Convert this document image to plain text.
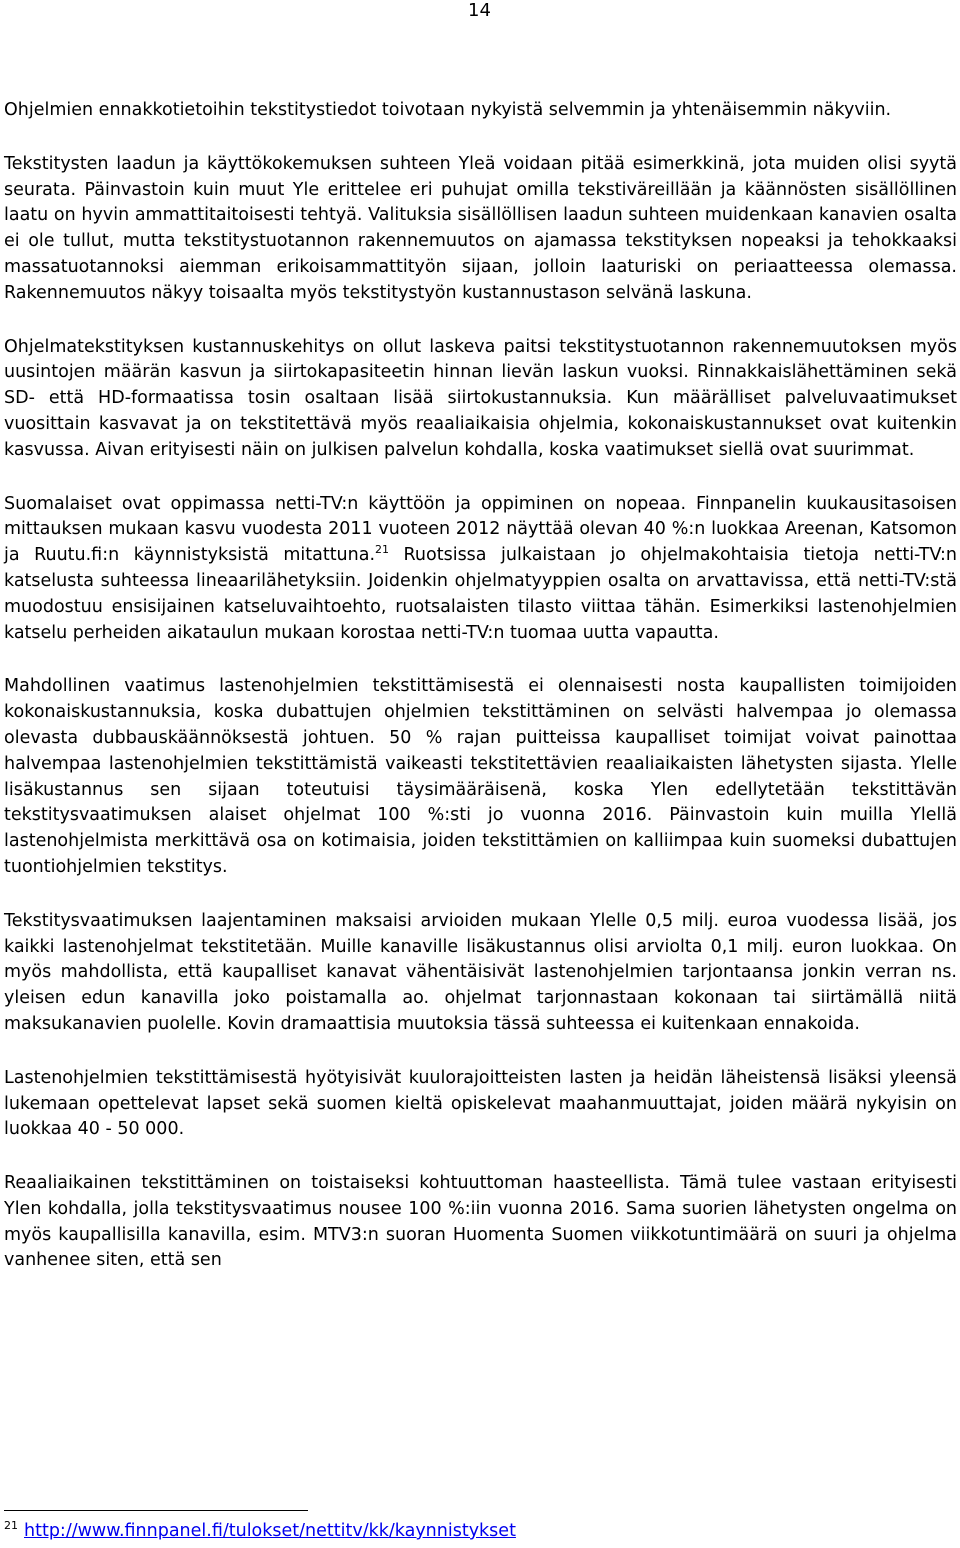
14

Ohjelmien ennakkotietoihin tekstitystiedot toivotaan nykyistä selvemmin ja yhtenäisemmin näkyviin.

Tekstitysten laadun ja käyttökokemuksen suhteen Yleä voidaan pitää esimerkkinä, jota muiden olisi syytä seurata. Päinvastoin kuin muut Yle erittelee eri puhujat omilla tekstiväreillään ja käännösten sisällöllinen laatu on hyvin ammattitaitoisesti tehtyä. Valituksia sisällöllisen laadun suhteen muidenkaan kanavien osalta ei ole tullut, mutta tekstitystuotannon rakennemuutos on ajamassa tekstityksen nopeaksi ja tehokkaaksi massatuotannoksi aiemman erikoisammattityön sijaan, jolloin laaturiski on periaatteessa olemassa. Rakennemuutos näkyy toisaalta myös tekstitystyön kustannustason selvänä laskuna.

Ohjelmatekstityksen kustannuskehitys on ollut laskeva paitsi tekstitystuotannon rakennemuutoksen myös uusintojen määrän kasvun ja siirtokapasiteetin hinnan lievän laskun vuoksi. Rinnakkaislähettäminen sekä SD- että HD-formaatissa tosin osaltaan lisää siirtokustannuksia. Kun määrälliset palveluvaatimukset vuosittain kasvavat ja on tekstitettävä myös reaaliaikaisia ohjelmia, kokonaiskustannukset ovat kuitenkin kasvussa. Aivan erityisesti näin on julkisen palvelun kohdalla, koska vaatimukset siellä ovat suurimmat.

Suomalaiset ovat oppimassa netti-TV:n käyttöön ja oppiminen on nopeaa. Finnpanelin kuukausitasoisen mittauksen mukaan kasvu vuodesta 2011 vuoteen 2012 näyttää olevan 40 %:n luokkaa Areenan, Katsomon ja Ruutu.fi:n käynnistyksistä mitattuna.$^{21}$ Ruotsissa julkaistaan jo ohjelmakohtaisia tietoja netti-TV:n katselusta suhteessa lineaarilähetyksiin. Joidenkin ohjelmatyyppien osalta on arvattavissa, että netti-TV:stä muodostuu ensisijainen katseluvaihtoehto, ruotsalaisten tilasto viittaa tähän. Esimerkiksi lastenohjelmien katselu perheiden aikataulun mukaan korostaa netti-TV:n tuomaa uutta vapautta.

Mahdollinen vaatimus lastenohjelmien tekstittämisestä ei olennaisesti nosta kaupallisten toimijoiden kokonaiskustannuksia, koska dubattujen ohjelmien tekstittäminen on selvästi halvempaa jo olemassa olevasta dubbauskäännöksestä johtuen. 50 % rajan puitteissa kaupalliset toimijat voivat painottaa halvempaa lastenohjelmien tekstittämistä vaikeasti tekstitettävien reaaliaikaisten lähetysten sijasta. Ylelle lisäkustannus sen sijaan toteutuisi täysimääräisenä, koska Ylen edellytetään tekstittävän tekstitysvaatimuksen alaiset ohjelmat 100 %:sti jo vuonna 2016. Päinvastoin kuin muilla Ylellä lastenohjelmista merkittävä osa on kotimaisia, joiden tekstittämien on kalliimpaa kuin suomeksi dubattujen tuontiohjelmien tekstitys.

Tekstitysvaatimuksen laajentaminen maksaisi arvioiden mukaan Ylelle 0,5 milj. euroa vuodessa lisää, jos kaikki lastenohjelmat tekstitetään. Muille kanaville lisäkustannus olisi arviolta 0,1 milj. euron luokkaa. On myös mahdollista, että kaupalliset kanavat vähentäisivät lastenohjelmien tarjontaansa jonkin verran ns. yleisen edun kanavilla joko poistamalla ao. ohjelmat tarjonnastaan kokonaan tai siirtämällä niitä maksukanavien puolelle. Kovin dramaattisia muutoksia tässä suhteessa ei kuitenkaan ennakoida.

Lastenohjelmien tekstittämisestä hyötyisivät kuulorajoitteisten lasten ja heidän läheistensä lisäksi yleensä lukemaan opettelevat lapset sekä suomen kieltä opiskelevat maahanmuuttajat, joiden määrä nykyisin on luokkaa 40 - 50 000.

Reaaliaikainen tekstittäminen on toistaiseksi kohtuuttoman haasteellista. Tämä tulee vastaan erityisesti Ylen kohdalla, jolla tekstitysvaatimus nousee 100 %:iin vuonna 2016. Sama suorien lähetysten ongelma on myös kaupallisilla kanavilla, esim. MTV3:n suoran Huomenta Suomen viikkotuntimäärä on suuri ja ohjelma vanhenee siten, että sen

$^{21}$ http://www.finnpanel.fi/tulokset/nettitv/kk/kaynnistykset
